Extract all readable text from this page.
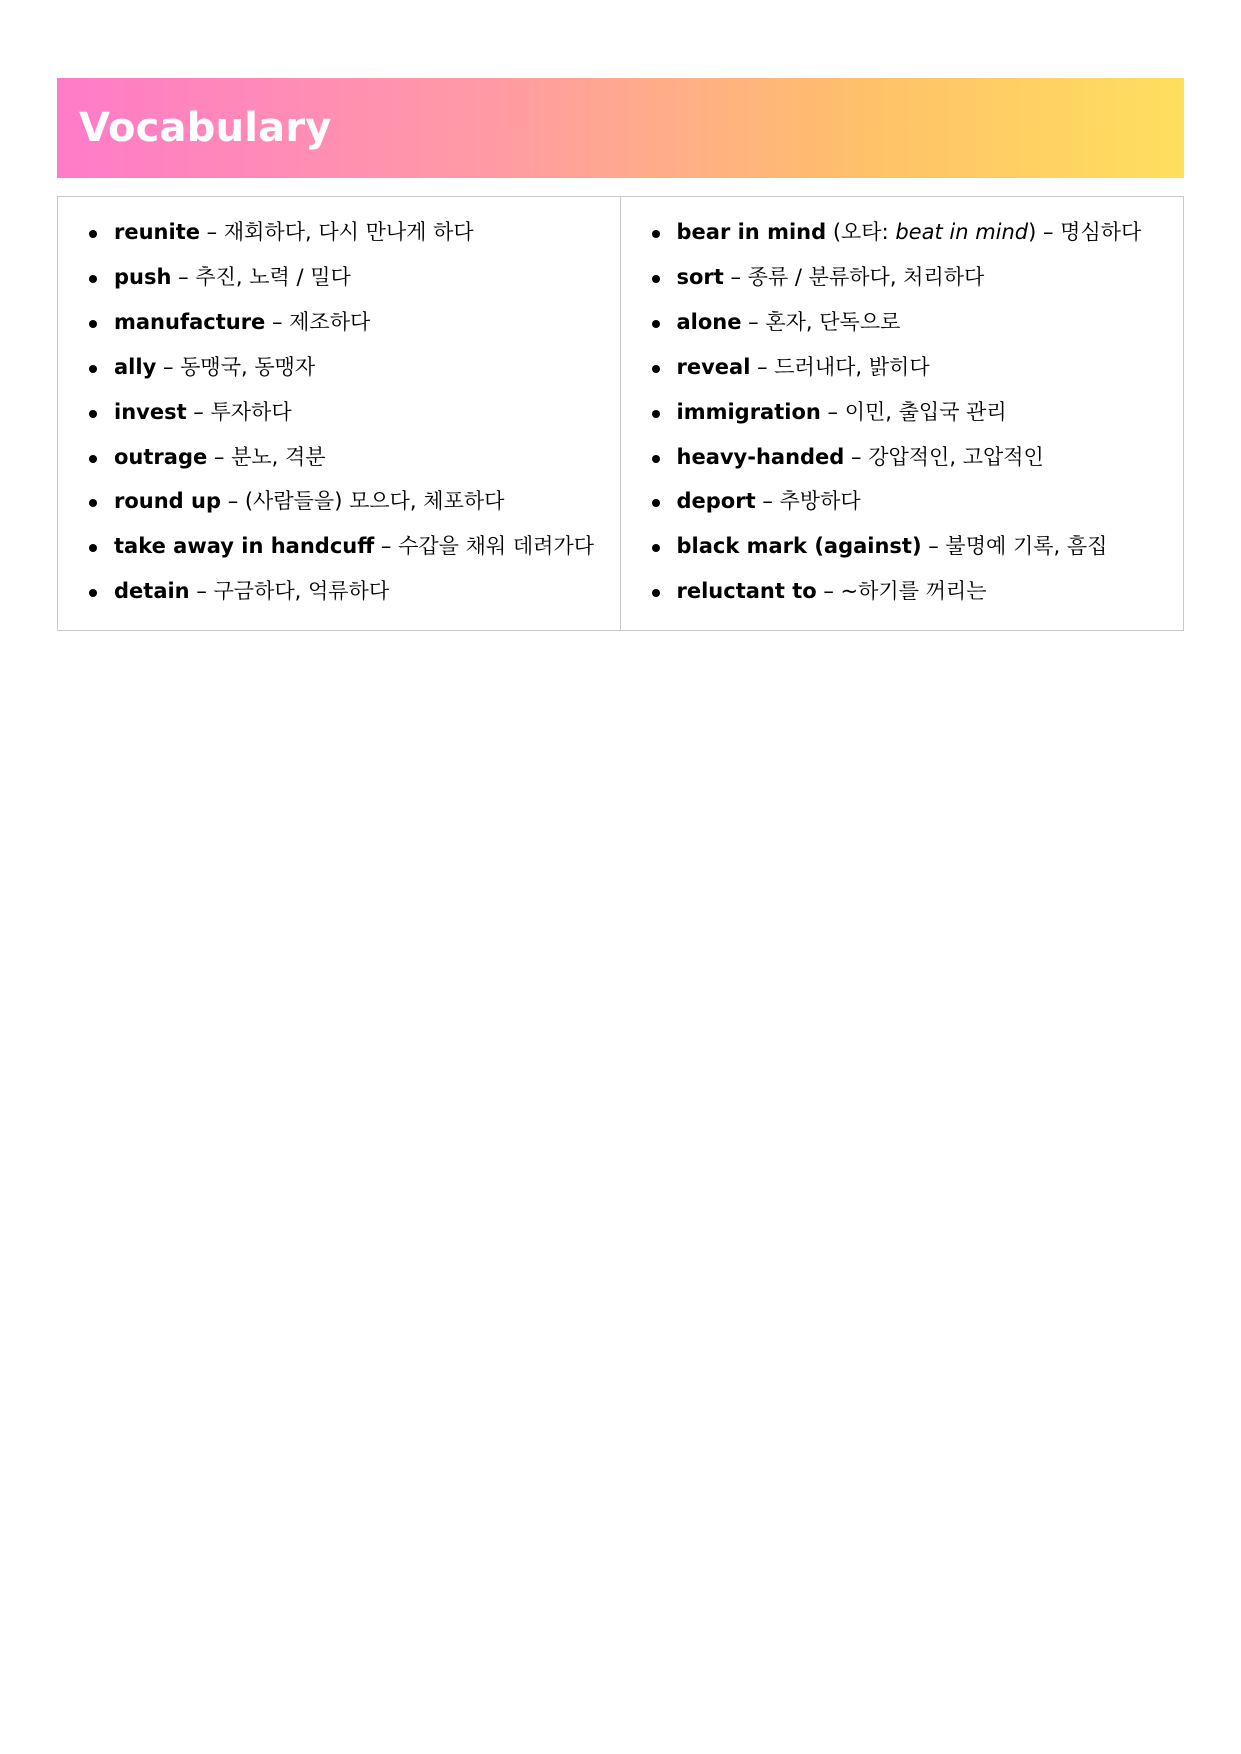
Vocabulary
reunite – 재회하다, 다시 만나게 하다
push – 추진, 노력 / 밀다
manufacture – 제조하다
ally – 동맹국, 동맹자
invest – 투자하다
outrage – 분노, 격분
round up – (사람들을) 모으다, 체포하다
take away in handcuff – 수갑을 채워 데려가다
detain – 구금하다, 억류하다
bear in mind (오타: beat in mind) – 명심하다
sort – 종류 / 분류하다, 처리하다
alone – 혼자, 단독으로
reveal – 드러내다, 밝히다
immigration – 이민, 출입국 관리
heavy-handed – 강압적인, 고압적인
deport – 추방하다
black mark (against) – 불명예 기록, 흠집
reluctant to – ~하기를 꺼리는
